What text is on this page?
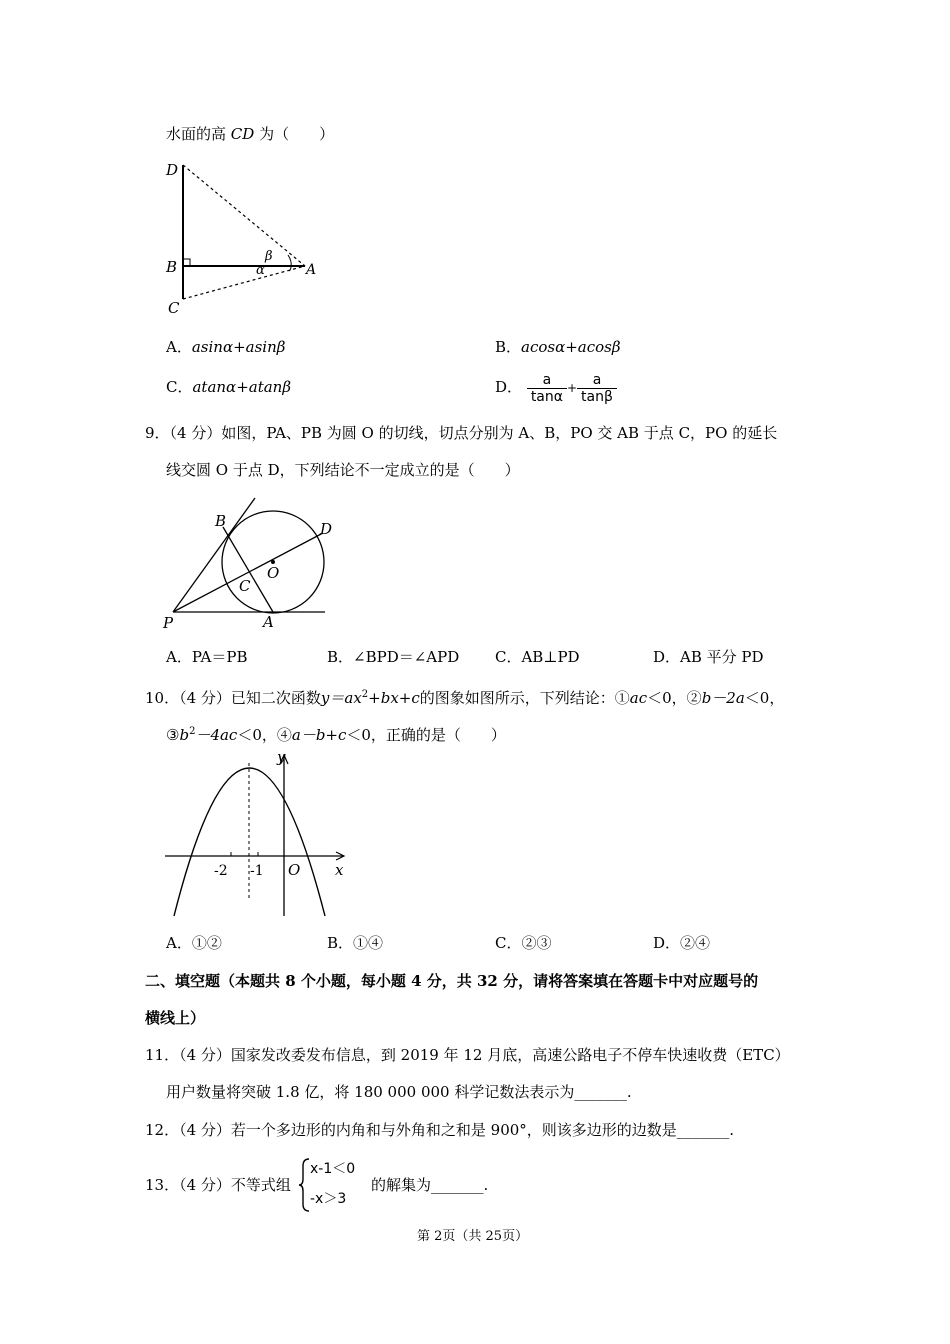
水面的高 CD 为（　　）
D
B
C
A
β
α
A．asinα+asinβ	B．acosα+acosβ
C．atanα+atanβ	D． $\frac{a}{\tan\alpha} + \frac{a}{\tan\beta}$
9．（4 分）如图，PA、PB 为圆 O 的切线，切点分别为 A、B，PO 交 AB 于点 C，PO 的延长
线交圆 O 于点 D，下列结论不一定成立的是（　　）
B	D
O
C
P	A
A．PA＝PB	B．∠BPD＝∠APD C．AB⊥PD	D．AB 平分 PD
10．（4 分）已知二次函数$y=ax^2+bx+c$的图象如图所示，下列结论：①ac＜0，②b－2a＜0，
$③b^2-4ac<0$，④a－b+c＜0，正确的是（　　）
y
x
O
-2 -1
A．①②	B．①④	C．②③	D．②④
二、填空题（本题共 8 个小题，每小题 4 分，共 32 分，请将答案填在答题卡中对应题号的
横线上）
11．（4 分）国家发改委发布信息，到 2019 年 12 月底，高速公路电子不停车快速收费（ETC）
用户数量将突破 1.8 亿，将 180 000 000 科学记数法表示为_______.
12．（4 分）若一个多边形的内角和与外角和之和是 900°，则该多边形的边数是_______.
13．（4 分）不等式组
x-1＜0
-x＞3
的解集为_______.
第 2页（共 25页）
